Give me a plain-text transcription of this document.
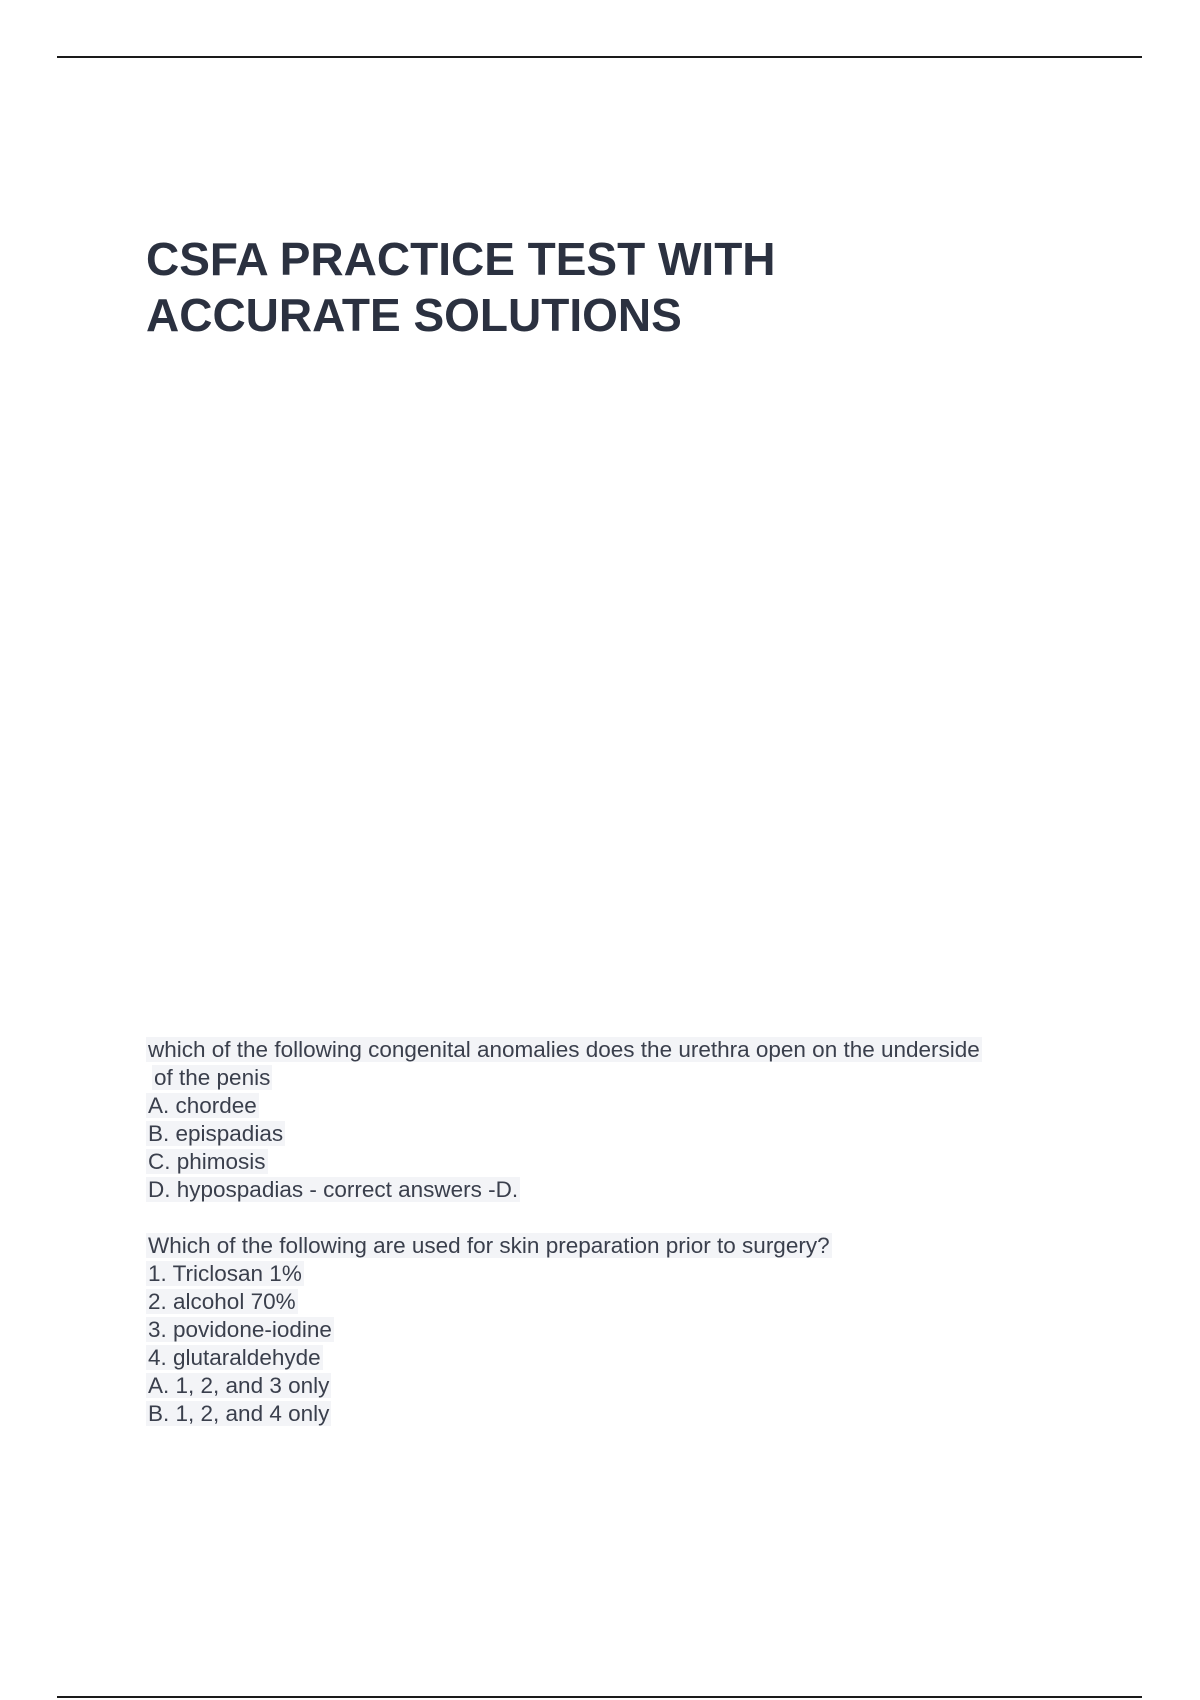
CSFA PRACTICE TEST WITH
ACCURATE SOLUTIONS
which of the following congenital anomalies does the urethra open on the underside
of the penis
A. chordee
B. epispadias
C. phimosis
D. hypospadias - correct answers -D.
Which of the following are used for skin preparation prior to surgery?
1. Triclosan 1%
2. alcohol 70%
3. povidone-iodine
4. glutaraldehyde
A. 1, 2, and 3 only
B. 1, 2, and 4 only
